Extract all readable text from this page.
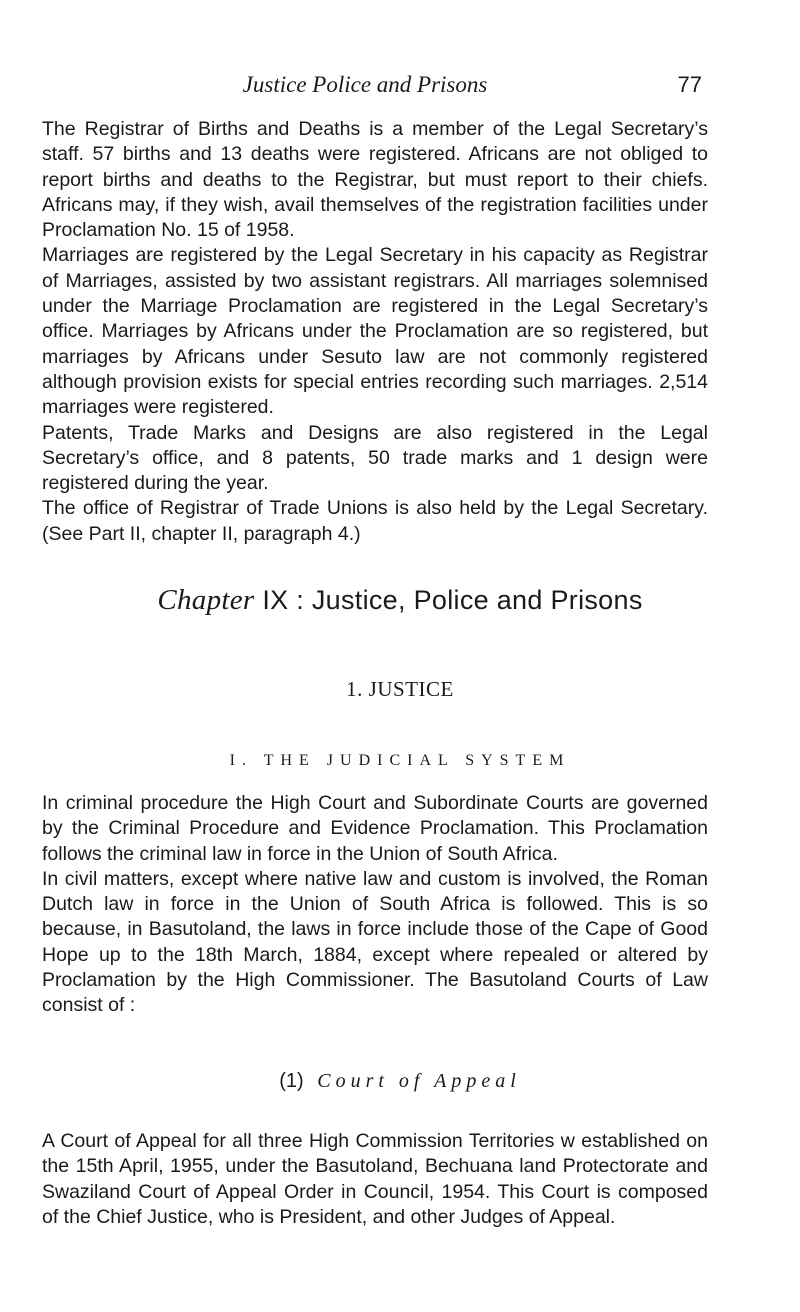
Justice Police and Prisons	77

The Registrar of Births and Deaths is a member of the Legal Secretary’s staff. 57 births and 13 deaths were registered. Africans are not obliged to report births and deaths to the Registrar, but must report to their chiefs. Africans may, if they wish, avail themselves of the registration facilities under Proclamation No. 15 of 1958.

Marriages are registered by the Legal Secretary in his capacity as Registrar of Marriages, assisted by two assistant registrars. All marriages solemnised under the Marriage Proclamation are registered in the Legal Secretary’s office. Marriages by Africans under the Proclamation are so registered, but marriages by Africans under Sesuto law are not commonly registered although provision exists for special entries recording such marriages. 2,514 marriages were registered.

Patents, Trade Marks and Designs are also registered in the Legal Secretary’s office, and 8 patents, 50 trade marks and 1 design were registered during the year.

The office of Registrar of Trade Unions is also held by the Legal Secretary. (See Part II, chapter II, paragraph 4.)

Chapter IX : Justice, Police and Prisons
1. JUSTICE
I. THE JUDICIAL SYSTEM

In criminal procedure the High Court and Subordinate Courts are governed by the Criminal Procedure and Evidence Proclamation. This Proclamation follows the criminal law in force in the Union of South Africa.

In civil matters, except where native law and custom is involved, the Roman Dutch law in force in the Union of South Africa is followed. This is so because, in Basutoland, the laws in force include those of the Cape of Good Hope up to the 18th March, 1884, except where repealed or altered by Proclamation by the High Commissioner. The Basutoland Courts of Law consist of :

(1) Court of Appeal

A Court of Appeal for all three High Commission Territories w established on the 15th April, 1955, under the Basutoland, Bechuana land Protectorate and Swaziland Court of Appeal Order in Council, 1954. This Court is composed of the Chief Justice, who is President, and other Judges of Appeal.
